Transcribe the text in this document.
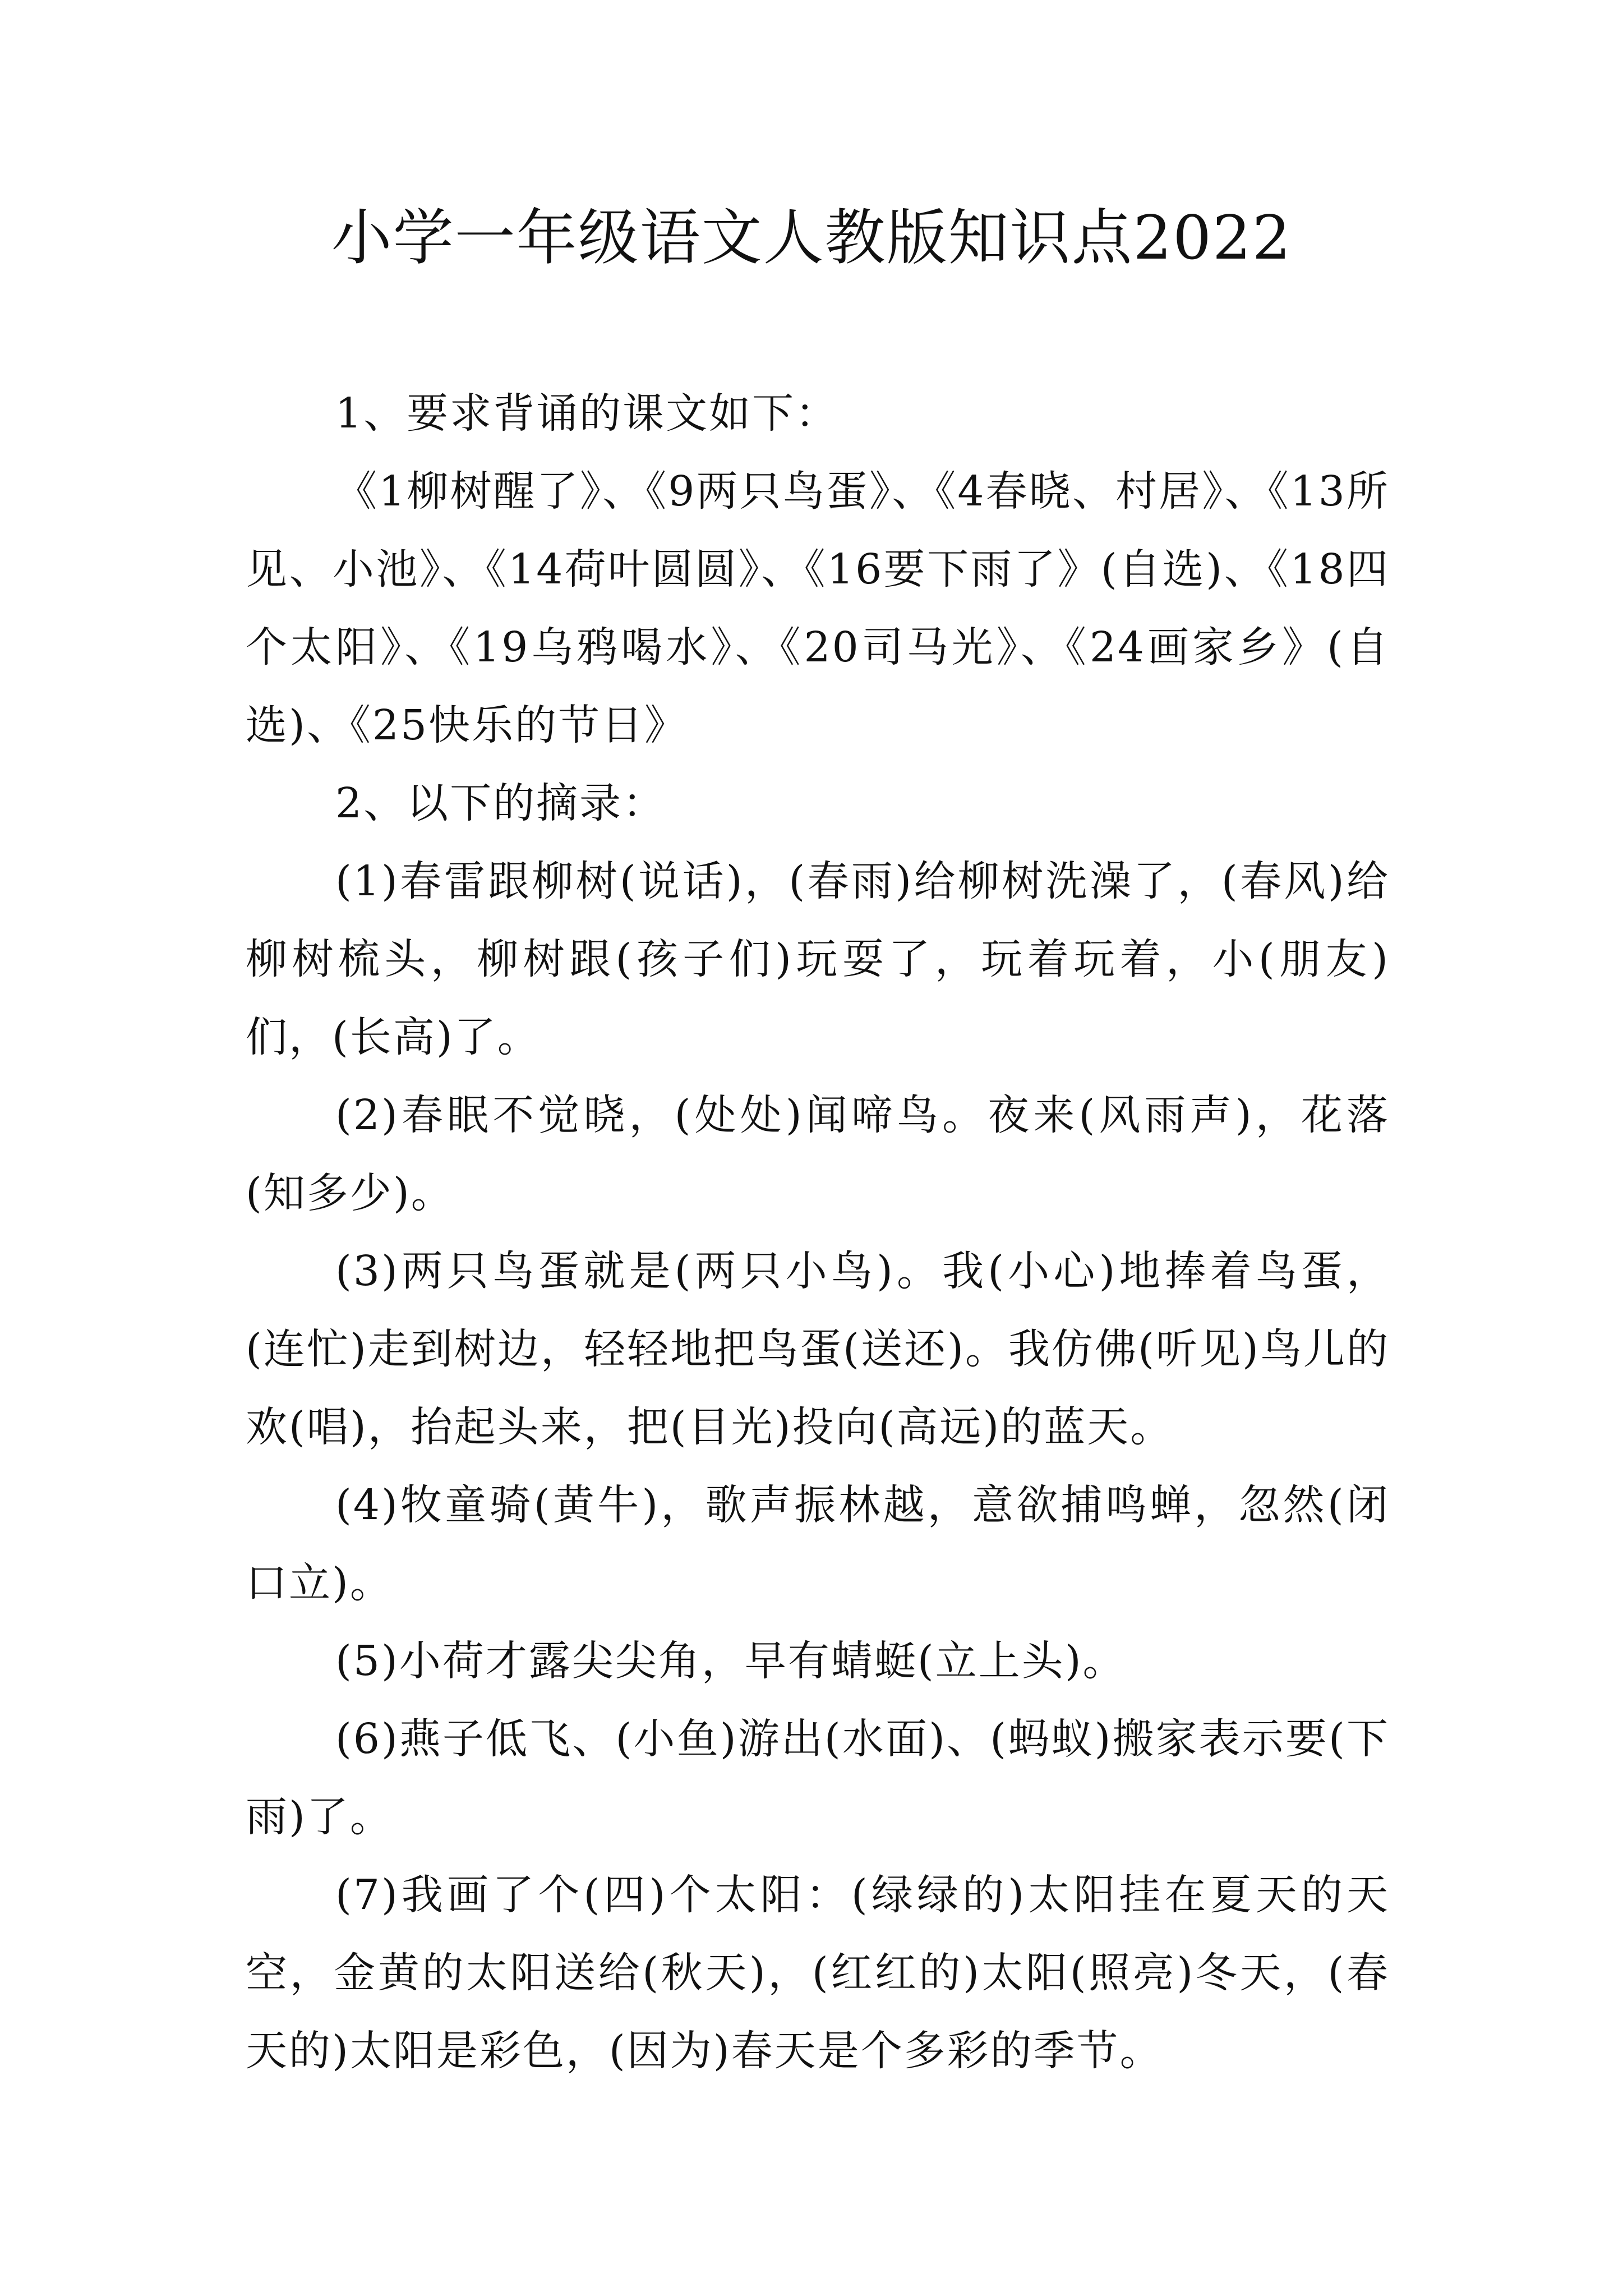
小学一年级语文人教版知识点2022

1、要求背诵的课文如下：

《1柳树醒了》、《9两只鸟蛋》、《4春晓、村居》、《13所见、小池》、《14荷叶圆圆》、《16要下雨了》(自选)、《18四个太阳》、《19乌鸦喝水》、《20司马光》、《24画家乡》(自选)、《25快乐的节日》

2、以下的摘录：

(1)春雷跟柳树(说话)，(春雨)给柳树洗澡了，(春风)给柳树梳头，柳树跟(孩子们)玩耍了，玩着玩着，小(朋友)们，(长高)了。

(2)春眠不觉晓，(处处)闻啼鸟。夜来(风雨声)，花落(知多少)。

(3)两只鸟蛋就是(两只小鸟)。我(小心)地捧着鸟蛋，(连忙)走到树边，轻轻地把鸟蛋(送还)。我仿佛(听见)鸟儿的欢(唱)，抬起头来，把(目光)投向(高远)的蓝天。

(4)牧童骑(黄牛)，歌声振林越，意欲捕鸣蝉，忽然(闭口立)。

(5)小荷才露尖尖角，早有蜻蜓(立上头)。

(6)燕子低飞、(小鱼)游出(水面)、(蚂蚁)搬家表示要(下雨)了。

(7)我画了个(四)个太阳：(绿绿的)太阳挂在夏天的天空，金黄的太阳送给(秋天)，(红红的)太阳(照亮)冬天，(春天的)太阳是彩色，(因为)春天是个多彩的季节。
